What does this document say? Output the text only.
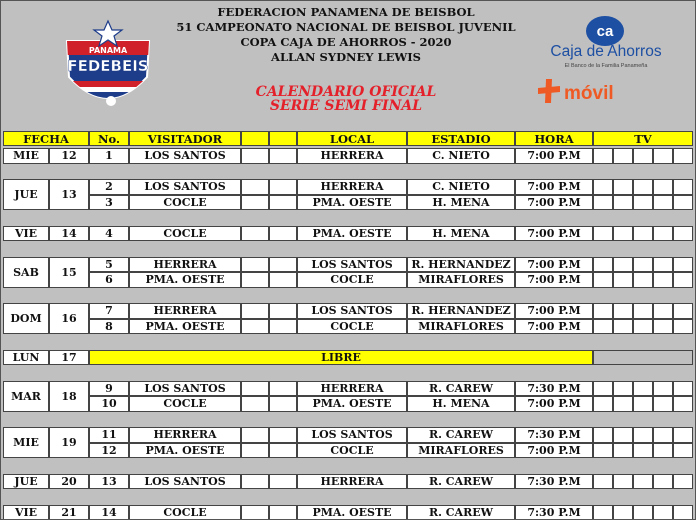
PANAMA
FEDEBEIS
FEDERACION PANAMENA DE BEISBOL
51 CAMPEONATO NACIONAL DE BEISBOL JUVENIL
COPA CAJA DE AHORROS - 2020
ALLAN SYDNEY LEWIS
CALENDARIO OFICIAL
SERIE SEMI FINAL
ca
Caja de Ahorros
El Banco de la Familia Panameña
móvil
FECHA	No.	VISITADOR	LOCAL	ESTADIO	HORA	TV
MIE	12	1	LOS SANTOS	HERRERA	C. NIETO	7:00 P.M
JUE	13
2	LOS SANTOS	HERRERA	C. NIETO	7:00 P.M
3	COCLE	PMA. OESTE	H. MENA	7:00 P.M
VIE	14	4	COCLE	PMA. OESTE	H. MENA	7:00 P.M
SAB	15
5	HERRERA	LOS SANTOS	R. HERNANDEZ	7:00 P.M
6	PMA. OESTE	COCLE	MIRAFLORES	7:00 P.M
DOM	16
7	HERRERA	LOS SANTOS	R. HERNANDEZ	7:00 P.M
8	PMA. OESTE	COCLE	MIRAFLORES	7:00 P.M
LUN	17	LIBRE
MAR	18
9	LOS SANTOS	HERRERA	R. CAREW	7:30 P.M
10	COCLE	PMA. OESTE	H. MENA	7:00 P.M
MIE	19
11	HERRERA	LOS SANTOS	R. CAREW	7:30 P.M
12	PMA. OESTE	COCLE	MIRAFLORES	7:00 P.M
JUE	20	13	LOS SANTOS	HERRERA	R. CAREW	7:30 P.M
VIE	21	14	COCLE	PMA. OESTE	R. CAREW	7:30 P.M
